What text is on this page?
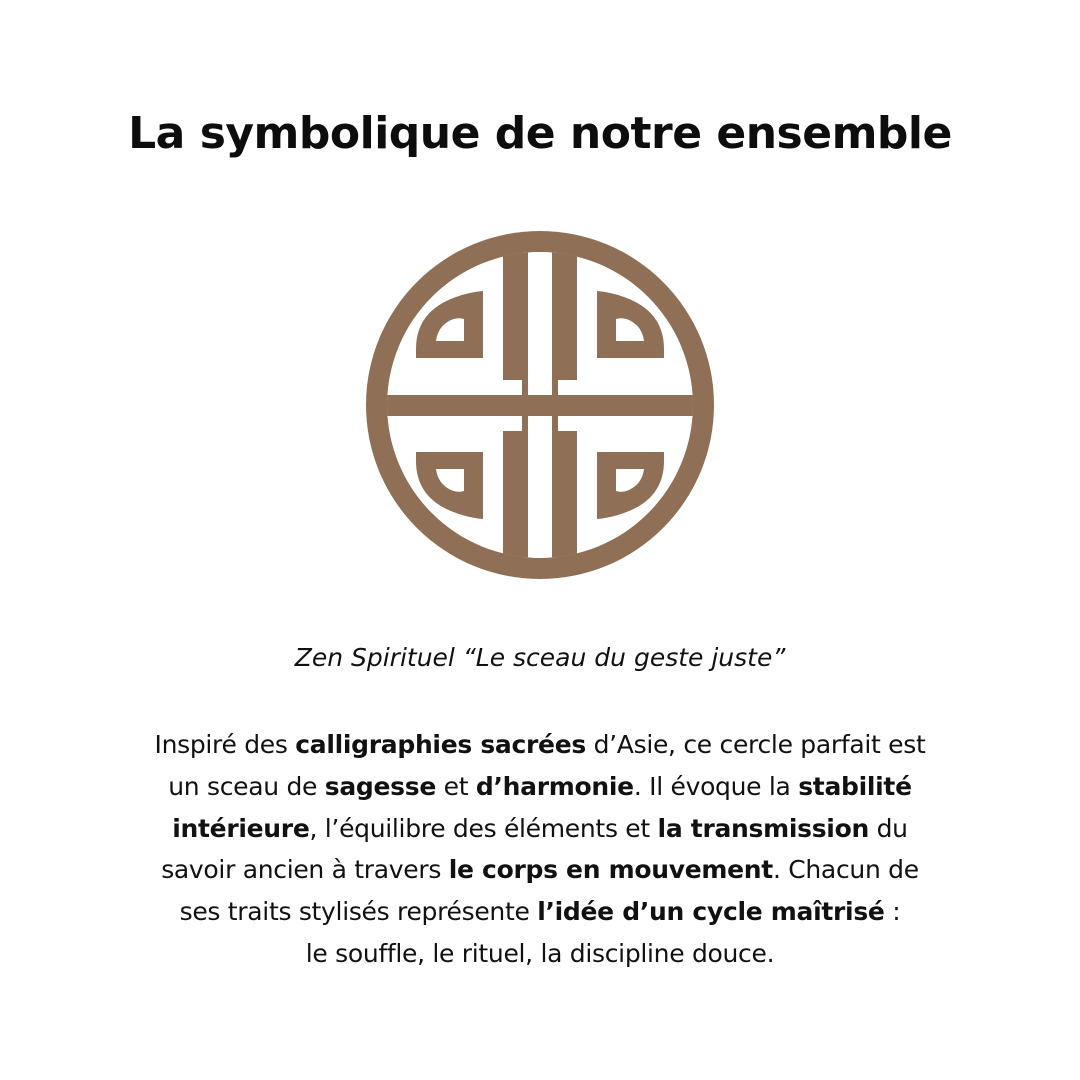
La symbolique de notre ensemble

Zen Spirituel “Le sceau du geste juste”

Inspiré des calligraphies sacrées d’Asie, ce cercle parfait est
un sceau de sagesse et d’harmonie. Il évoque la stabilité
intérieure, l’équilibre des éléments et la transmission du
savoir ancien à travers le corps en mouvement. Chacun de
ses traits stylisés représente l’idée d’un cycle maîtrisé :
le souffle, le rituel, la discipline douce.
